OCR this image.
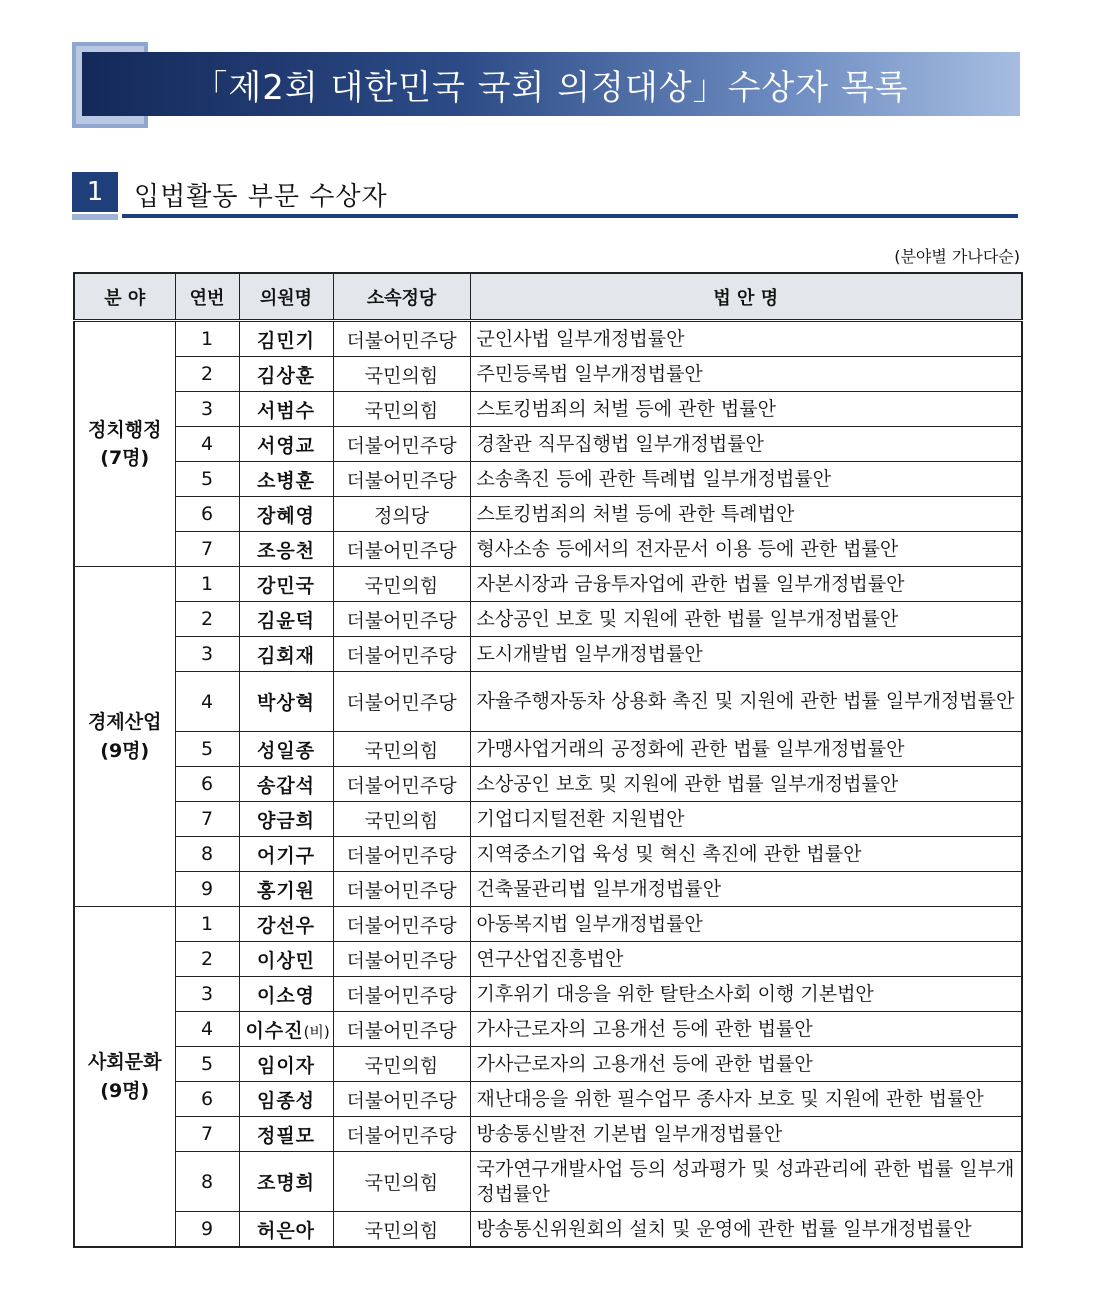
「제2회 대한민국 국회 의정대상」수상자 목록
1	입법활동 부문 수상자
(분야별 가나다순)
분 야	연번	의원명	소속정당	법 안 명

정치행정
(7명)	1	김민기	더불어민주당	군인사법 일부개정법률안
	2	김상훈	국민의힘	주민등록법 일부개정법률안
	3	서범수	국민의힘	스토킹범죄의 처벌 등에 관한 법률안
	4	서영교	더불어민주당	경찰관 직무집행법 일부개정법률안
	5	소병훈	더불어민주당	소송촉진 등에 관한 특례법 일부개정법률안
	6	장혜영	정의당	스토킹범죄의 처벌 등에 관한 특례법안
	7	조응천	더불어민주당	형사소송 등에서의 전자문서 이용 등에 관한 법률안

경제산업
(9명)	1	강민국	국민의힘	자본시장과 금융투자업에 관한 법률 일부개정법률안
	2	김윤덕	더불어민주당	소상공인 보호 및 지원에 관한 법률 일부개정법률안
	3	김회재	더불어민주당	도시개발법 일부개정법률안
	4	박상혁	더불어민주당	자율주행자동차 상용화 촉진 및 지원에 관한 법률 일부개정법률안
	5	성일종	국민의힘	가맹사업거래의 공정화에 관한 법률 일부개정법률안
	6	송갑석	더불어민주당	소상공인 보호 및 지원에 관한 법률 일부개정법률안
	7	양금희	국민의힘	기업디지털전환 지원법안
	8	어기구	더불어민주당	지역중소기업 육성 및 혁신 촉진에 관한 법률안
	9	홍기원	더불어민주당	건축물관리법 일부개정법률안

사회문화
(9명)	1	강선우	더불어민주당	아동복지법 일부개정법률안
	2	이상민	더불어민주당	연구산업진흥법안
	3	이소영	더불어민주당	기후위기 대응을 위한 탈탄소사회 이행 기본법안
	4	이수진(비)	더불어민주당	가사근로자의 고용개선 등에 관한 법률안
	5	임이자	국민의힘	가사근로자의 고용개선 등에 관한 법률안
	6	임종성	더불어민주당	재난대응을 위한 필수업무 종사자 보호 및 지원에 관한 법률안
	7	정필모	더불어민주당	방송통신발전 기본법 일부개정법률안
	8	조명희	국민의힘	국가연구개발사업 등의 성과평가 및 성과관리에 관한 법률 일부개정법률안
	9	허은아	국민의힘	방송통신위원회의 설치 및 운영에 관한 법률 일부개정법률안
